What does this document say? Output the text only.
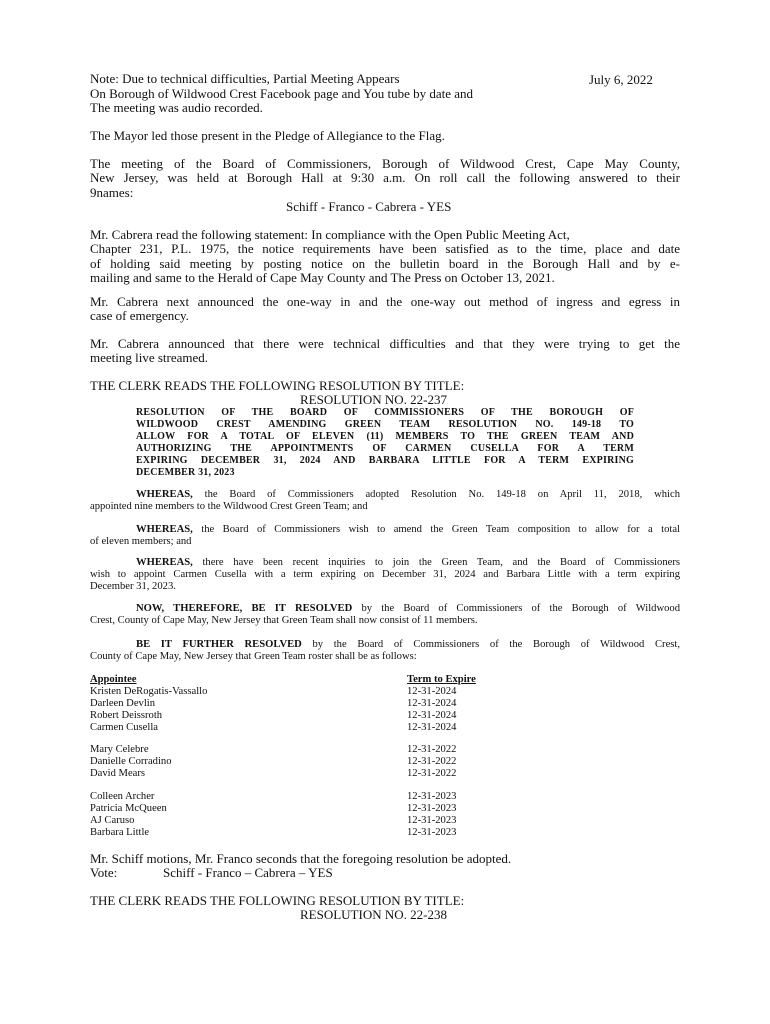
Note: Due to technical difficulties, Partial Meeting Appears	July 6, 2022
On Borough of Wildwood Crest Facebook page and You tube by date and
The meeting was audio recorded.
The Mayor led those present in the Pledge of Allegiance to the Flag.
The meeting of the Board of Commissioners, Borough of Wildwood Crest, Cape May County,
New Jersey, was held at Borough Hall at 9:30 a.m. On roll call the following answered to their
9names:
Schiff - Franco - Cabrera - YES
Mr. Cabrera read the following statement: In compliance with the Open Public Meeting Act,
Chapter 231, P.L. 1975, the notice requirements have been satisfied as to the time, place and date
of holding said meeting by posting notice on the bulletin board in the Borough Hall and by e-
mailing and same to the Herald of Cape May County and The Press on October 13, 2021.
Mr. Cabrera next announced the one-way in and the one-way out method of ingress and egress in
case of emergency.
Mr. Cabrera announced that there were technical difficulties and that they were trying to get the
meeting live streamed.
THE CLERK READS THE FOLLOWING RESOLUTION BY TITLE:
RESOLUTION NO. 22-237
RESOLUTION OF THE BOARD OF COMMISSIONERS OF THE BOROUGH OF
WILDWOOD CREST AMENDING GREEN TEAM RESOLUTION NO. 149-18 TO
ALLOW FOR A TOTAL OF ELEVEN (11) MEMBERS TO THE GREEN TEAM AND
AUTHORIZING THE APPOINTMENTS OF CARMEN CUSELLA FOR A TERM
EXPIRING DECEMBER 31, 2024 AND BARBARA LITTLE FOR A TERM EXPIRING
DECEMBER 31, 2023
WHEREAS, the Board of Commissioners adopted Resolution No. 149-18 on April 11, 2018, which
appointed nine members to the Wildwood Crest Green Team; and
WHEREAS, the Board of Commissioners wish to amend the Green Team composition to allow for a total
of eleven members; and
WHEREAS, there have been recent inquiries to join the Green Team, and the Board of Commissioners
wish to appoint Carmen Cusella with a term expiring on December 31, 2024 and Barbara Little with a term expiring
December 31, 2023.
NOW, THEREFORE, BE IT RESOLVED by the Board of Commissioners of the Borough of Wildwood
Crest, County of Cape May, New Jersey that Green Team shall now consist of 11 members.
BE IT FURTHER RESOLVED by the Board of Commissioners of the Borough of Wildwood Crest,
County of Cape May, New Jersey that Green Team roster shall be as follows:
Appointee	Term to Expire
Kristen DeRogatis-Vassallo	12-31-2024
Darleen Devlin	12-31-2024
Robert Deissroth	12-31-2024
Carmen Cusella	12-31-2024
Mary Celebre	12-31-2022
Danielle Corradino	12-31-2022
David Mears	12-31-2022
Colleen Archer	12-31-2023
Patricia McQueen	12-31-2023
AJ Caruso	12-31-2023
Barbara Little	12-31-2023
Mr. Schiff motions, Mr. Franco seconds that the foregoing resolution be adopted.
Vote:	Schiff - Franco – Cabrera – YES
THE CLERK READS THE FOLLOWING RESOLUTION BY TITLE:
RESOLUTION NO. 22-238
